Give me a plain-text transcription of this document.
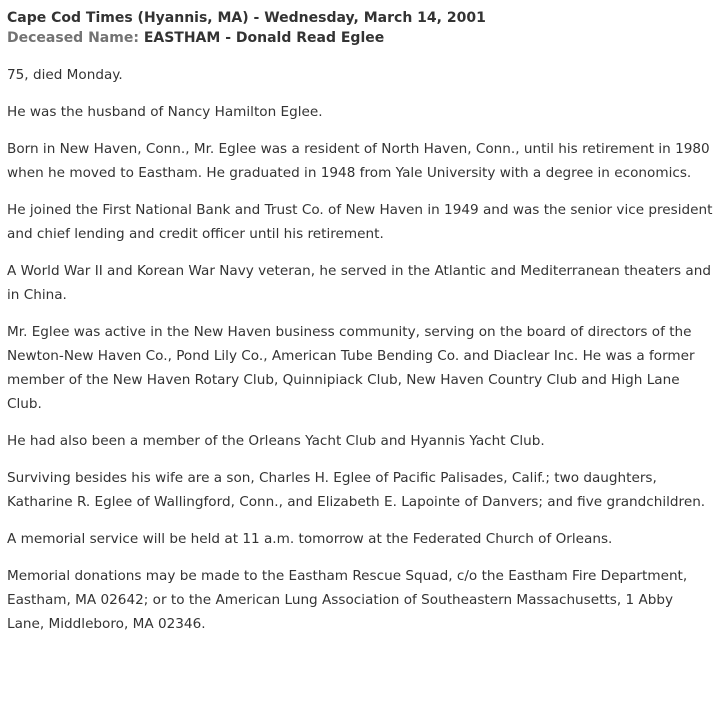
Cape Cod Times (Hyannis, MA) - Wednesday, March 14, 2001
Deceased Name: EASTHAM - Donald Read Eglee

75, died Monday.

He was the husband of Nancy Hamilton Eglee.

Born in New Haven, Conn., Mr. Eglee was a resident of North Haven, Conn., until his retirement in 1980 when he moved to Eastham. He graduated in 1948 from Yale University with a degree in economics.

He joined the First National Bank and Trust Co. of New Haven in 1949 and was the senior vice president and chief lending and credit officer until his retirement.

A World War II and Korean War Navy veteran, he served in the Atlantic and Mediterranean theaters and in China.

Mr. Eglee was active in the New Haven business community, serving on the board of directors of the Newton-New Haven Co., Pond Lily Co., American Tube Bending Co. and Diaclear Inc. He was a former member of the New Haven Rotary Club, Quinnipiack Club, New Haven Country Club and High Lane Club.

He had also been a member of the Orleans Yacht Club and Hyannis Yacht Club.

Surviving besides his wife are a son, Charles H. Eglee of Pacific Palisades, Calif.; two daughters, Katharine R. Eglee of Wallingford, Conn., and Elizabeth E. Lapointe of Danvers; and five grandchildren.

A memorial service will be held at 11 a.m. tomorrow at the Federated Church of Orleans.

Memorial donations may be made to the Eastham Rescue Squad, c/o the Eastham Fire Department, Eastham, MA 02642; or to the American Lung Association of Southeastern Massachusetts, 1 Abby Lane, Middleboro, MA 02346.
